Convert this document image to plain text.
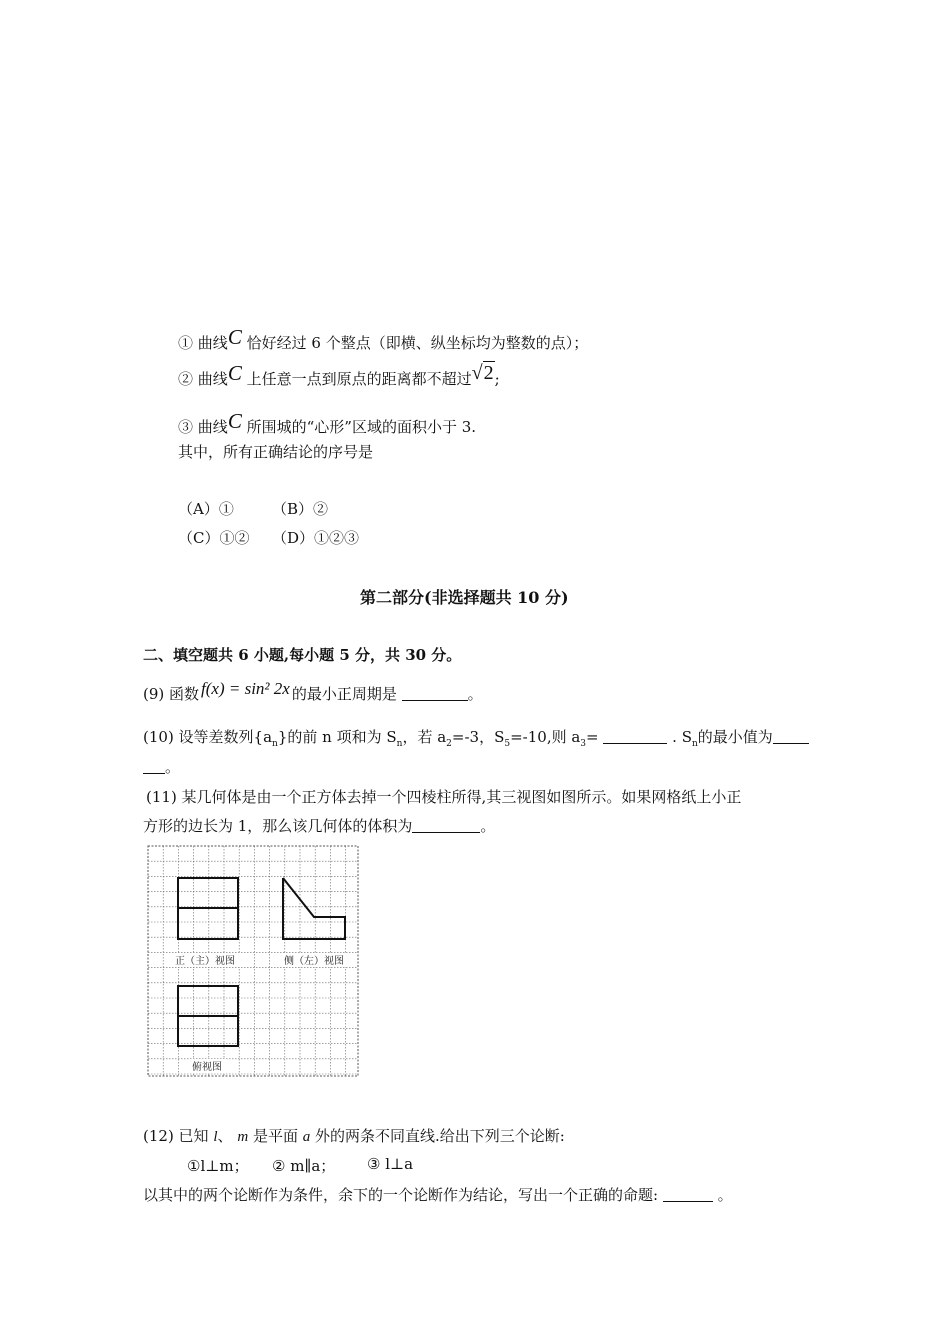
① 曲线C 恰好经过 6 个整点（即横、纵坐标均为整数的点）；
② 曲线C 上任意一点到原点的距离都不超过√2;
③ 曲线C 所围城的“心形”区域的面积小于 3.
其中，所有正确结论的序号是
（A）①	（B）②
（C）①② （D）①②③
第二部分(非选择题共 10 分)
二、填空题共 6 小题,每小题 5 分，共 30 分。
(9) 函数 f(x) = sin² 2x 的最小正周期是	。
(10) 设等差数列$\{a_n\}$的前 n 项和为 $S_n$，若 $a_2=-3$，$S_5=-10$,则 $a_3=$	. $S_n$的最小值为
。
(11) 某几何体是由一个正方体去掉一个四棱柱所得,其三视图如图所示。如果网格纸上小正
方形的边长为 1，那么该几何体的体积为	。
正（主）视图	侧（左）视图
俯视图
(12) 已知 l、 m 是平面 a 外的两条不同直线.给出下列三个论断:
①l⊥m； ② m∥a； ③ l⊥a
以其中的两个论断作为条件，余下的一个论断作为结论，写出一个正确的命题:	。
